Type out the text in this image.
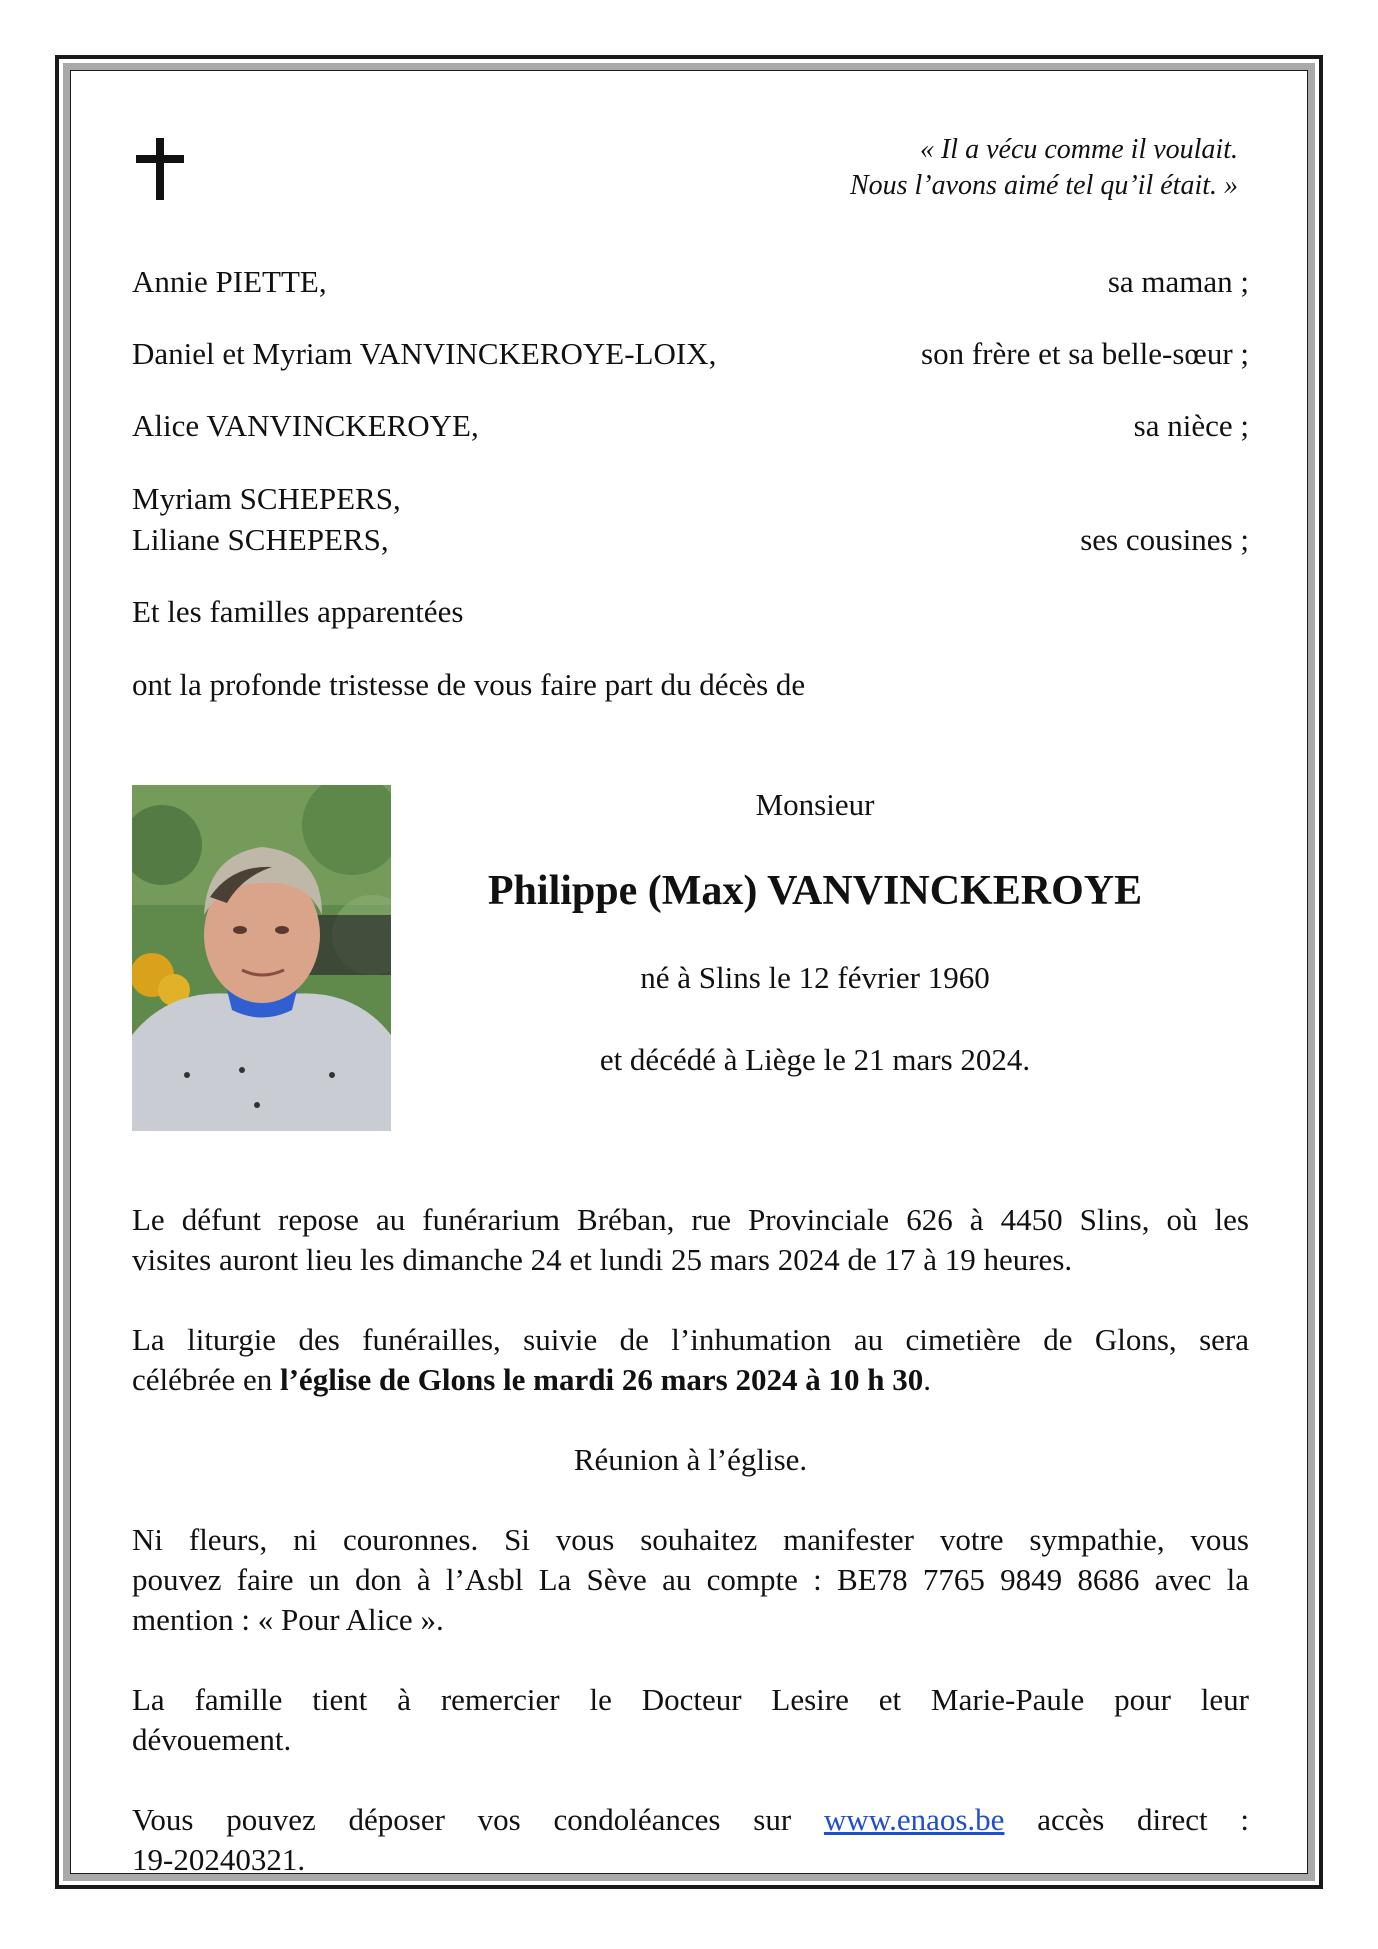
« Il a vécu comme il voulait.
Nous l’avons aimé tel qu’il était. »
Annie PIETTE,	sa maman ;
Daniel et Myriam VANVINCKEROYE-LOIX,	son frère et sa belle-sœur ;
Alice VANVINCKEROYE,	sa nièce ;
Myriam SCHEPERS,
Liliane SCHEPERS,	ses cousines ;
Et les familles apparentées
ont la profonde tristesse de vous faire part du décès de
Monsieur
Philippe (Max) VANVINCKEROYE
né à Slins le 12 février 1960
et décédé à Liège le 21 mars 2024.
Le défunt repose au funérarium Bréban, rue Provinciale 626 à 4450 Slins, où les
visites auront lieu les dimanche 24 et lundi 25 mars 2024 de 17 à 19 heures.
La liturgie des funérailles, suivie de l’inhumation au cimetière de Glons, sera
célébrée en l’église de Glons le mardi 26 mars 2024 à 10 h 30.
Réunion à l’église.
Ni fleurs, ni couronnes. Si vous souhaitez manifester votre sympathie, vous
pouvez faire un don à l’Asbl La Sève au compte : BE78 7765 9849 8686 avec la
mention : « Pour Alice ».
La famille tient à remercier le Docteur Lesire et Marie-Paule pour leur
dévouement.
Vous pouvez déposer vos condoléances sur www.enaos.be accès direct :
19-20240321.
